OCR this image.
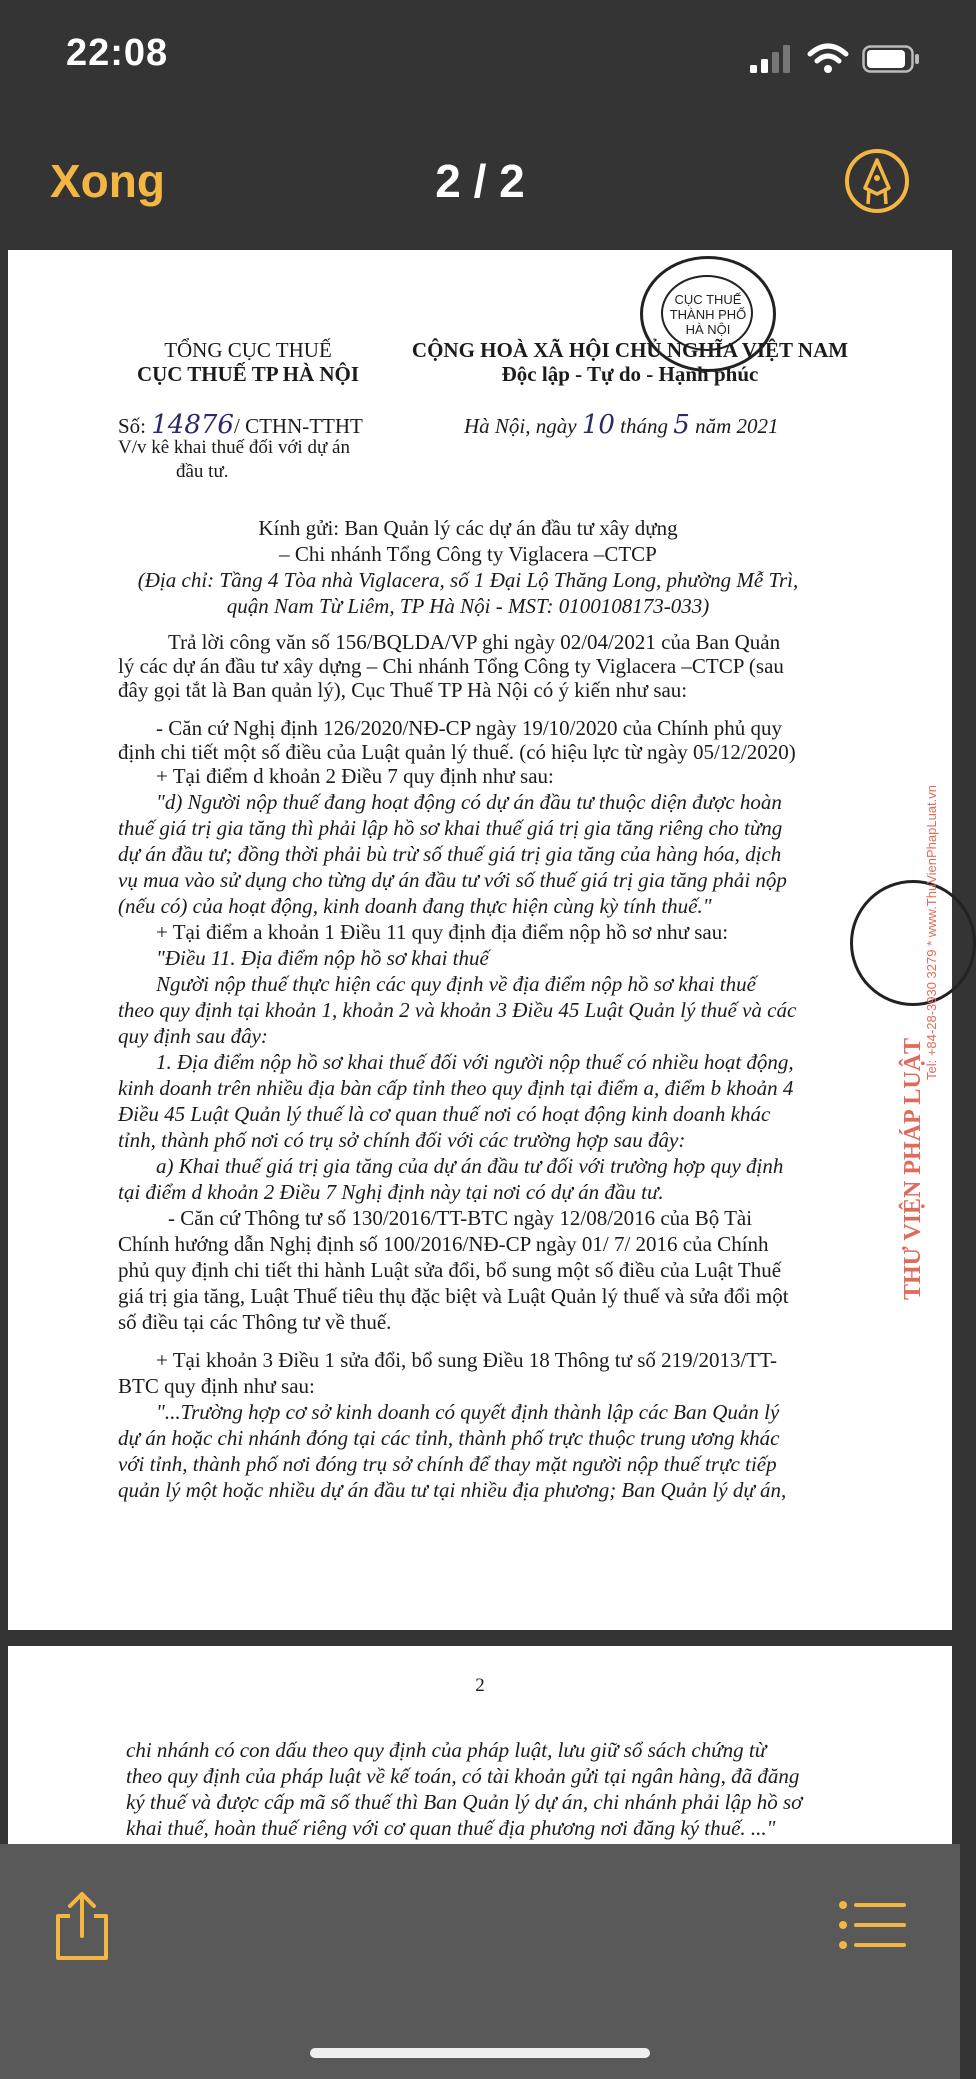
22:08
Xong	2 / 2
TỔNG CỤC THUẾ
CỤC THUẾ TP HÀ NỘI
CỘNG HOÀ XÃ HỘI CHỦ NGHĨA VIỆT NAM
Độc lập - Tự do - Hạnh phúc
CỤC THUẾ THÀNH PHỐ HÀ NỘI
Số: 14876/ CTHN-TTHT
V/v kê khai thuế đối với dự án
đầu tư.
Hà Nội, ngày 10 tháng 5 năm 2021
Kính gửi: Ban Quản lý các dự án đầu tư xây dựng
– Chi nhánh Tổng Công ty Viglacera –CTCP
(Địa chỉ: Tầng 4 Tòa nhà Viglacera, số 1 Đại Lộ Thăng Long, phường Mễ Trì,
quận Nam Từ Liêm, TP Hà Nội - MST: 0100108173-033)
Trả lời công văn số 156/BQLDA/VP ghi ngày 02/04/2021 của Ban Quản
lý các dự án đầu tư xây dựng – Chi nhánh Tổng Công ty Viglacera –CTCP (sau
đây gọi tắt là Ban quản lý), Cục Thuế TP Hà Nội có ý kiến như sau:
- Căn cứ Nghị định 126/2020/NĐ-CP ngày 19/10/2020 của Chính phủ quy
định chi tiết một số điều của Luật quản lý thuế. (có hiệu lực từ ngày 05/12/2020)
+ Tại điểm d khoản 2 Điều 7 quy định như sau:
"d) Người nộp thuế đang hoạt động có dự án đầu tư thuộc diện được hoàn
thuế giá trị gia tăng thì phải lập hồ sơ khai thuế giá trị gia tăng riêng cho từng
dự án đầu tư; đồng thời phải bù trừ số thuế giá trị gia tăng của hàng hóa, dịch
vụ mua vào sử dụng cho từng dự án đầu tư với số thuế giá trị gia tăng phải nộp
(nếu có) của hoạt động, kinh doanh đang thực hiện cùng kỳ tính thuế."
+ Tại điểm a khoản 1 Điều 11 quy định địa điểm nộp hồ sơ như sau:
"Điều 11. Địa điểm nộp hồ sơ khai thuế
Người nộp thuế thực hiện các quy định về địa điểm nộp hồ sơ khai thuế
theo quy định tại khoản 1, khoản 2 và khoản 3 Điều 45 Luật Quản lý thuế và các
quy định sau đây:
1. Địa điểm nộp hồ sơ khai thuế đối với người nộp thuế có nhiều hoạt động,
kinh doanh trên nhiều địa bàn cấp tỉnh theo quy định tại điểm a, điểm b khoản 4
Điều 45 Luật Quản lý thuế là cơ quan thuế nơi có hoạt động kinh doanh khác
tỉnh, thành phố nơi có trụ sở chính đối với các trường hợp sau đây:
a) Khai thuế giá trị gia tăng của dự án đầu tư đối với trường hợp quy định
tại điểm d khoản 2 Điều 7 Nghị định này tại nơi có dự án đầu tư.
- Căn cứ Thông tư số 130/2016/TT-BTC ngày 12/08/2016 của Bộ Tài
Chính hướng dẫn Nghị định số 100/2016/NĐ-CP ngày 01/ 7/ 2016 của Chính
phủ quy định chi tiết thi hành Luật sửa đổi, bổ sung một số điều của Luật Thuế
giá trị gia tăng, Luật Thuế tiêu thụ đặc biệt và Luật Quản lý thuế và sửa đổi một
số điều tại các Thông tư về thuế.
+ Tại khoản 3 Điều 1 sửa đổi, bổ sung Điều 18 Thông tư số 219/2013/TT-
BTC quy định như sau:
"...Trường hợp cơ sở kinh doanh có quyết định thành lập các Ban Quản lý
dự án hoặc chi nhánh đóng tại các tỉnh, thành phố trực thuộc trung ương khác
với tỉnh, thành phố nơi đóng trụ sở chính để thay mặt người nộp thuế trực tiếp
quản lý một hoặc nhiều dự án đầu tư tại nhiều địa phương; Ban Quản lý dự án,
THƯ VIỆN PHÁP LUẬT
Tel: +84-28-3930 3279 * www.ThuVienPhapLuat.vn
2
chi nhánh có con dấu theo quy định của pháp luật, lưu giữ sổ sách chứng từ
theo quy định của pháp luật về kế toán, có tài khoản gửi tại ngân hàng, đã đăng
ký thuế và được cấp mã số thuế thì Ban Quản lý dự án, chi nhánh phải lập hồ sơ
khai thuế, hoàn thuế riêng với cơ quan thuế địa phương nơi đăng ký thuế. ..."
